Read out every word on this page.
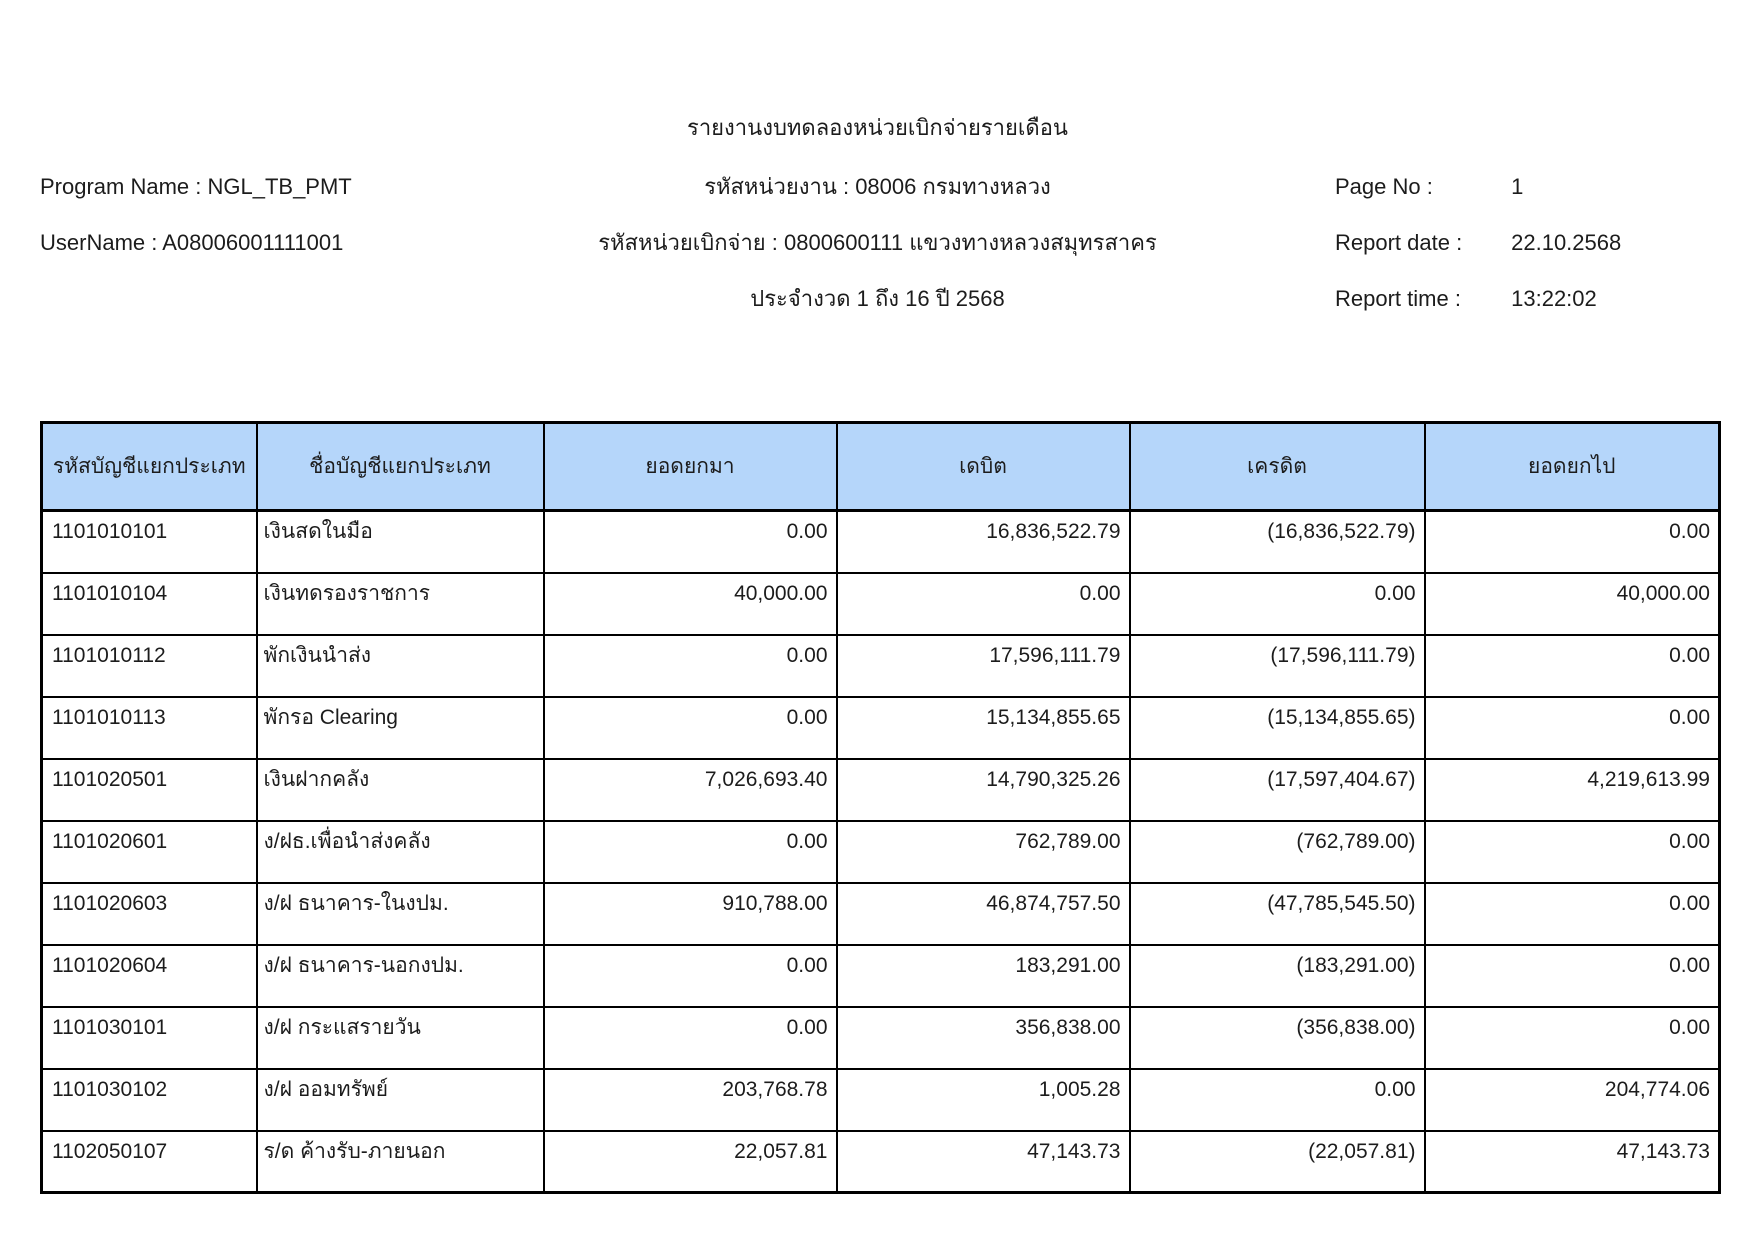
รายงานงบทดลองหน่วยเบิกจ่ายรายเดือน
Program Name : NGL_TB_PMT
UserName : A08006001111001
รหัสหน่วยงาน : 08006 กรมทางหลวง
รหัสหน่วยเบิกจ่าย : 0800600111 แขวงทางหลวงสมุทรสาคร
ประจำงวด 1 ถึง 16 ปี 2568
Page No :	1
Report date : 22.10.2568
Report time : 13:22:02
รหัสบัญชีแยกประเภท	ชื่อบัญชีแยกประเภท	ยอดยกมา	เดบิต	เครดิต	ยอดยกไป
1101010101	เงินสดในมือ	0.00	16,836,522.79	(16,836,522.79)	0.00
1101010104	เงินทดรองราชการ	40,000.00	0.00	0.00	40,000.00
1101010112	พักเงินนำส่ง	0.00	17,596,111.79	(17,596,111.79)	0.00
1101010113	พักรอ Clearing	0.00	15,134,855.65	(15,134,855.65)	0.00
1101020501	เงินฝากคลัง	7,026,693.40	14,790,325.26	(17,597,404.67)	4,219,613.99
1101020601	ง/ฝธ.เพื่อนำส่งคลัง	0.00	762,789.00	(762,789.00)	0.00
1101020603	ง/ฝ ธนาคาร-ในงปม.	910,788.00	46,874,757.50	(47,785,545.50)	0.00
1101020604	ง/ฝ ธนาคาร-นอกงปม.	0.00	183,291.00	(183,291.00)	0.00
1101030101	ง/ฝ กระแสรายวัน	0.00	356,838.00	(356,838.00)	0.00
1101030102	ง/ฝ ออมทรัพย์	203,768.78	1,005.28	0.00	204,774.06
1102050107	ร/ด ค้างรับ-ภายนอก	22,057.81	47,143.73	(22,057.81)	47,143.73
